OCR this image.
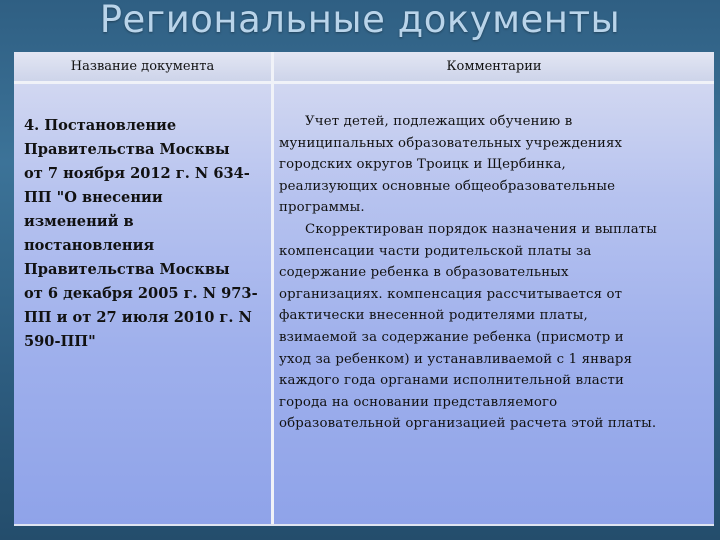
Региональные документы
Название документа	Комментарии
4. Постановление
Правительства Москвы
от 7 ноября 2012 г. N 634-
ПП "О внесении
изменений в
постановления
Правительства Москвы
от 6 декабря 2005 г. N 973-
ПП и от 27 июля 2010 г. N
590-ПП"

Учет детей, подлежащих обучению в
муниципальных образовательных учреждениях
городских округов Троицк и Щербинка,
реализующих основные общеобразовательные
программы.

Скорректирован порядок назначения и выплаты
компенсации части родительской платы за
содержание ребенка в образовательных
организациях. компенсация рассчитывается от
фактически внесенной родителями платы,
взимаемой за содержание ребенка (присмотр и
уход за ребенком) и устанавливаемой с 1 января
каждого года органами исполнительной власти
города на основании представляемого
образовательной организацией расчета этой платы.
